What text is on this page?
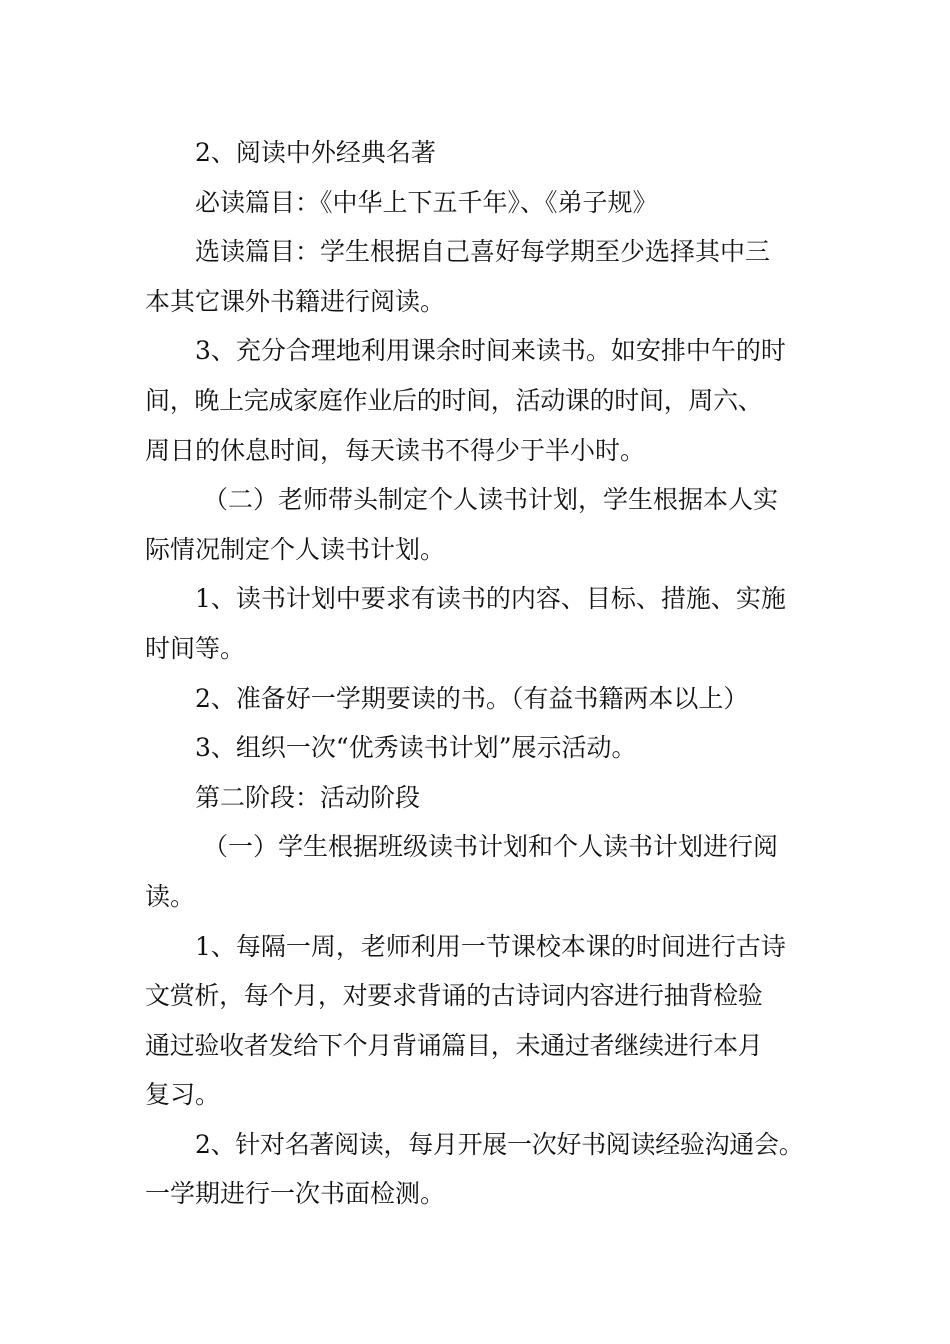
2、阅读中外经典名著
必读篇目：《中华上下五千年》、《弟子规》
选读篇目：学生根据自己喜好每学期至少选择其中三
本其它课外书籍进行阅读。
3、充分合理地利用课余时间来读书。如安排中午的时
间，晚上完成家庭作业后的时间，活动课的时间，周六、
周日的休息时间，每天读书不得少于半小时。
（二）老师带头制定个人读书计划，学生根据本人实
际情况制定个人读书计划。
1、读书计划中要求有读书的内容、目标、措施、实施
时间等。
2、准备好一学期要读的书。（有益书籍两本以上）
3、组织一次“优秀读书计划”展示活动。
第二阶段：活动阶段
（一）学生根据班级读书计划和个人读书计划进行阅
读。
1、每隔一周，老师利用一节课校本课的时间进行古诗
文赏析，每个月，对要求背诵的古诗词内容进行抽背检验
通过验收者发给下个月背诵篇目，未通过者继续进行本月
复习。
2、针对名著阅读，每月开展一次好书阅读经验沟通会。
一学期进行一次书面检测。
